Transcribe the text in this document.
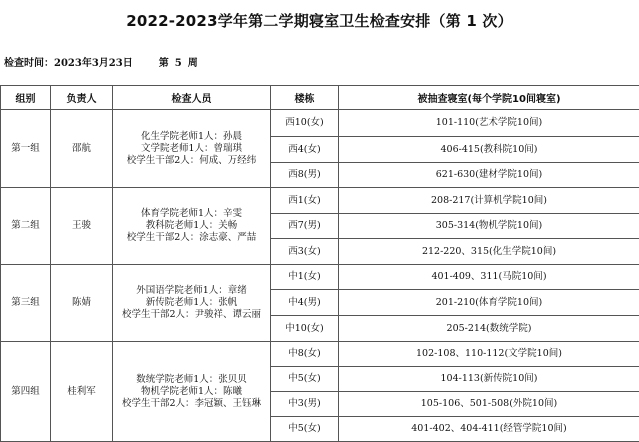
2022-2023学年第二学期寝室卫生检查安排（第 1 次）
检查时间：2023年3月23日	第 5 周
组别	负责人	检查人员	楼栋	被抽查寝室(每个学院10间寝室)
第一组	邵航	化生学院老师1人：孙晨
文学院老师1人：曾瑞琪
校学生干部2人：何成、万经纬	西10(女)	101-110(艺术学院10间)
			西4(女)	406-415(教科院10间)
			西8(男)	621-630(建材学院10间)
第二组	王骏	体育学院老师1人：辛雯
教科院老师1人：关畅
校学生干部2人：涂志豪、严喆	西1(女)	208-217(计算机学院10间)
			西7(男)	305-314(物机学院10间)
			西3(女)	212-220、315(化生学院10间)
第三组	陈婧	外国语学院老师1人：章绪
新传院老师1人：张帆
校学生干部2人：尹骏祥、谭云丽	中1(女)	401-409、311(马院10间)
			中4(男)	201-210(体育学院10间)
			中10(女)	205-214(数统学院)
第四组	桂利军	数统学院老师1人：张贝贝
物机学院老师1人：陈曦
校学生干部2人：李冠颖、王钰琳	中8(女)	102-108、110-112(文学院10间)
			中5(女)	104-113(新传院10间)
			中3(男)	105-106、501-508(外院10间)
			中5(女)	401-402、404-411(经管学院10间)
